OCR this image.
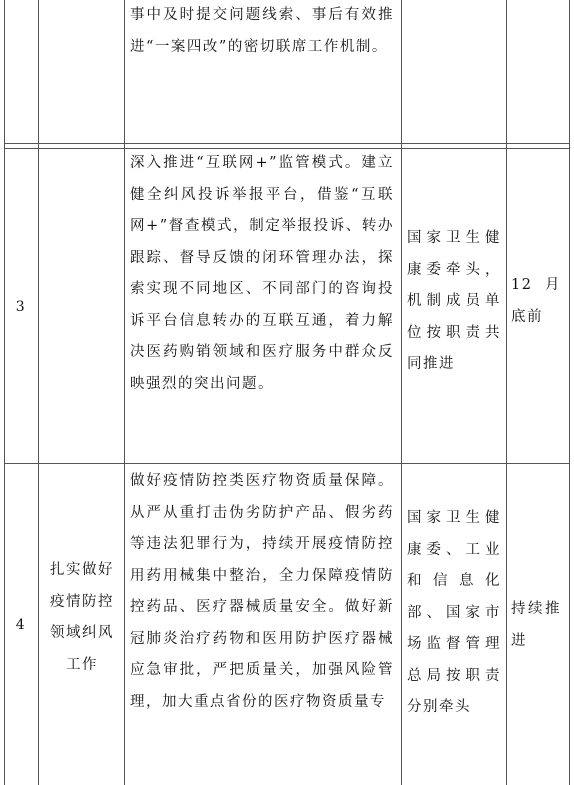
事中及时提交问题线索、事后有效推进“一案四改”的密切联席工作机制。
3
深入推进“互联网+”监管模式。建立健全纠风投诉举报平台，借鉴“互联网+”督查模式，制定举报投诉、转办跟踪、督导反馈的闭环管理办法，探索实现不同地区、不同部门的咨询投诉平台信息转办的互联互通，着力解决医药购销领域和医疗服务中群众反映强烈的突出问题。
国家卫生健康委牵头，机制成员单位按职责共同推进
12 月底前
4
扎实做好疫情防控领域纠风工作
做好疫情防控类医疗物资质量保障。从严从重打击伪劣防护产品、假劣药等违法犯罪行为，持续开展疫情防控用药用械集中整治，全力保障疫情防控药品、医疗器械质量安全。做好新冠肺炎治疗药物和医用防护医疗器械应急审批，严把质量关，加强风险管理，加大重点省份的医疗物资质量专
国家卫生健康委、工业和信息化部、国家市场监督管理总局按职责分别牵头
持续推进
